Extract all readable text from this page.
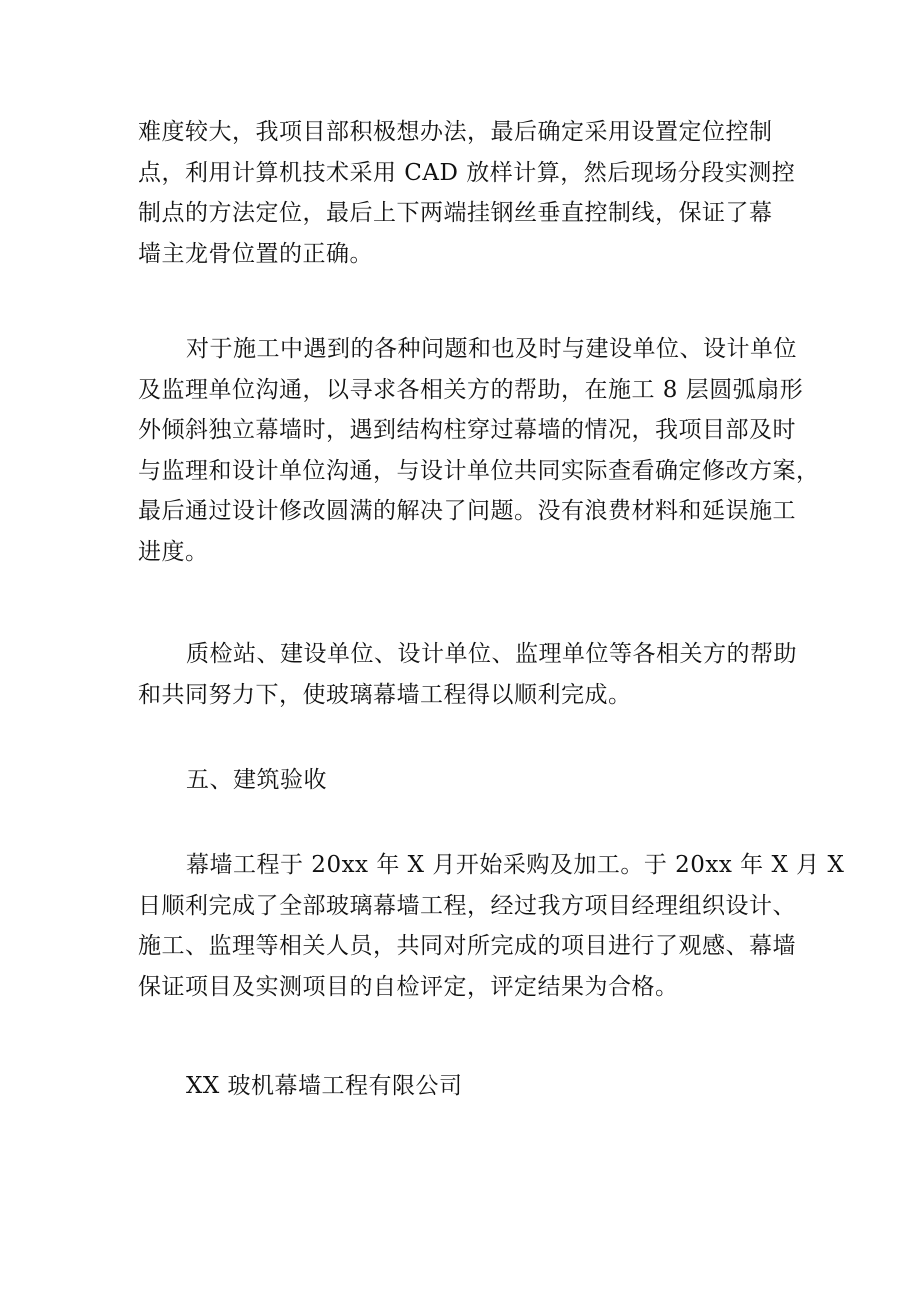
难度较大，我项目部积极想办法，最后确定采用设置定位控制
点，利用计算机技术采用 CAD 放样计算，然后现场分段实测控
制点的方法定位，最后上下两端挂钢丝垂直控制线，保证了幕
墙主龙骨位置的正确。

对于施工中遇到的各种问题和也及时与建设单位、设计单位
及监理单位沟通，以寻求各相关方的帮助，在施工 8 层圆弧扇形
外倾斜独立幕墙时，遇到结构柱穿过幕墙的情况，我项目部及时
与监理和设计单位沟通，与设计单位共同实际查看确定修改方案，
最后通过设计修改圆满的解决了问题。没有浪费材料和延误施工
进度。

质检站、建设单位、设计单位、监理单位等各相关方的帮助
和共同努力下，使玻璃幕墙工程得以顺利完成。

五、建筑验收

幕墙工程于 20xx 年 X 月开始采购及加工。于 20xx 年 X 月 X
日顺利完成了全部玻璃幕墙工程，经过我方项目经理组织设计、
施工、监理等相关人员，共同对所完成的项目进行了观感、幕墙
保证项目及实测项目的自检评定，评定结果为合格。

XX 玻机幕墙工程有限公司
